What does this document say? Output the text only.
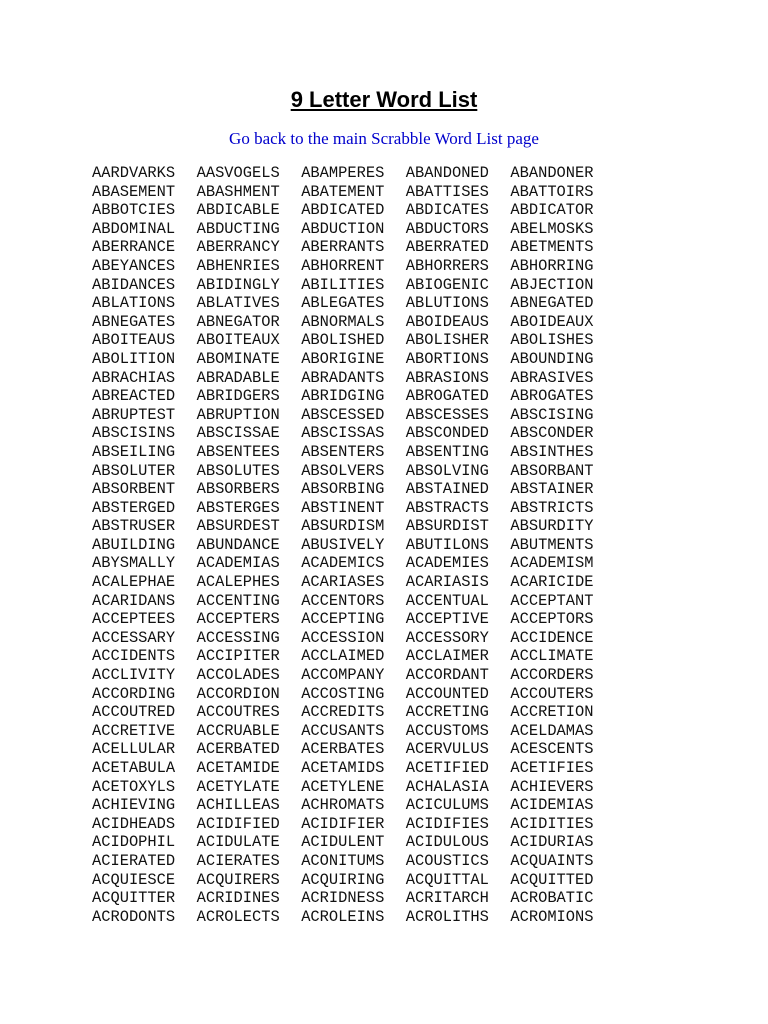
9 Letter Word List
Go back to the main Scrabble Word List page
AARDVARKS AASVOGELS ABAMPERES ABANDONED ABANDONER
ABASEMENT ABASHMENT ABATEMENT ABATTISES ABATTOIRS
ABBOTCIES ABDICABLE ABDICATED ABDICATES ABDICATOR
ABDOMINAL ABDUCTING ABDUCTION ABDUCTORS ABELMOSKS
ABERRANCE ABERRANCY ABERRANTS ABERRATED ABETMENTS
ABEYANCES ABHENRIES ABHORRENT ABHORRERS ABHORRING
ABIDANCES ABIDINGLY ABILITIES ABIOGENIC ABJECTION
ABLATIONS ABLATIVES ABLEGATES ABLUTIONS ABNEGATED
ABNEGATES ABNEGATOR ABNORMALS ABOIDEAUS ABOIDEAUX
ABOITEAUS ABOITEAUX ABOLISHED ABOLISHER ABOLISHES
ABOLITION ABOMINATE ABORIGINE ABORTIONS ABOUNDING
ABRACHIAS ABRADABLE ABRADANTS ABRASIONS ABRASIVES
ABREACTED ABRIDGERS ABRIDGING ABROGATED ABROGATES
ABRUPTEST ABRUPTION ABSCESSED ABSCESSES ABSCISING
ABSCISINS ABSCISSAE ABSCISSAS ABSCONDED ABSCONDER
ABSEILING ABSENTEES ABSENTERS ABSENTING ABSINTHES
ABSOLUTER ABSOLUTES ABSOLVERS ABSOLVING ABSORBANT
ABSORBENT ABSORBERS ABSORBING ABSTAINED ABSTAINER
ABSTERGED ABSTERGES ABSTINENT ABSTRACTS ABSTRICTS
ABSTRUSER ABSURDEST ABSURDISM ABSURDIST ABSURDITY
ABUILDING ABUNDANCE ABUSIVELY ABUTILONS ABUTMENTS
ABYSMALLY ACADEMIAS ACADEMICS ACADEMIES ACADEMISM
ACALEPHAE ACALEPHES ACARIASES ACARIASIS ACARICIDE
ACARIDANS ACCENTING ACCENTORS ACCENTUAL ACCEPTANT
ACCEPTEES ACCEPTERS ACCEPTING ACCEPTIVE ACCEPTORS
ACCESSARY ACCESSING ACCESSION ACCESSORY ACCIDENCE
ACCIDENTS ACCIPITER ACCLAIMED ACCLAIMER ACCLIMATE
ACCLIVITY ACCOLADES ACCOMPANY ACCORDANT ACCORDERS
ACCORDING ACCORDION ACCOSTING ACCOUNTED ACCOUTERS
ACCOUTRED ACCOUTRES ACCREDITS ACCRETING ACCRETION
ACCRETIVE ACCRUABLE ACCUSANTS ACCUSTOMS ACELDAMAS
ACELLULAR ACERBATED ACERBATES ACERVULUS ACESCENTS
ACETABULA ACETAMIDE ACETAMIDS ACETIFIED ACETIFIES
ACETOXYLS ACETYLATE ACETYLENE ACHALASIA ACHIEVERS
ACHIEVING ACHILLEAS ACHROMATS ACICULUMS ACIDEMIAS
ACIDHEADS ACIDIFIED ACIDIFIER ACIDIFIES ACIDITIES
ACIDOPHIL ACIDULATE ACIDULENT ACIDULOUS ACIDURIAS
ACIERATED ACIERATES ACONITUMS ACOUSTICS ACQUAINTS
ACQUIESCE ACQUIRERS ACQUIRING ACQUITTAL ACQUITTED
ACQUITTER ACRIDINES ACRIDNESS ACRITARCH ACROBATIC
ACRODONTS ACROLECTS ACROLEINS ACROLITHS ACROMIONS
